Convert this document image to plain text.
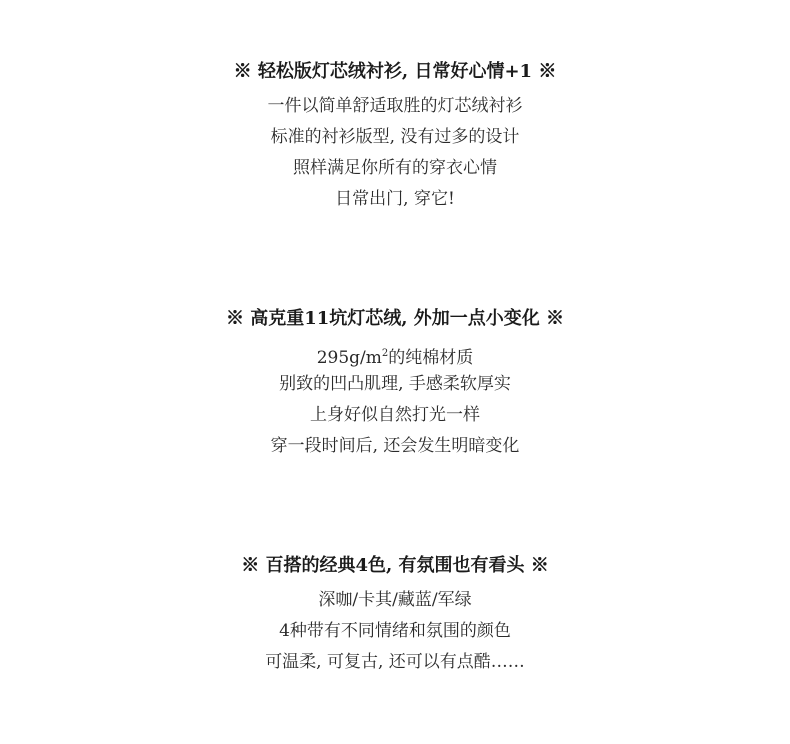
※ 轻松版灯芯绒衬衫, 日常好心情+1 ※
一件以简单舒适取胜的灯芯绒衬衫
标准的衬衫版型, 没有过多的设计
照样满足你所有的穿衣心情
日常出门, 穿它!
※ 高克重11坑灯芯绒, 外加一点小变化 ※
$295g/m^2$的纯棉材质
别致的凹凸肌理, 手感柔软厚实
上身好似自然打光一样
穿一段时间后, 还会发生明暗变化
※ 百搭的经典4色, 有氛围也有看头 ※
深咖/卡其/藏蓝/军绿
4种带有不同情绪和氛围的颜色
可温柔, 可复古, 还可以有点酷……
